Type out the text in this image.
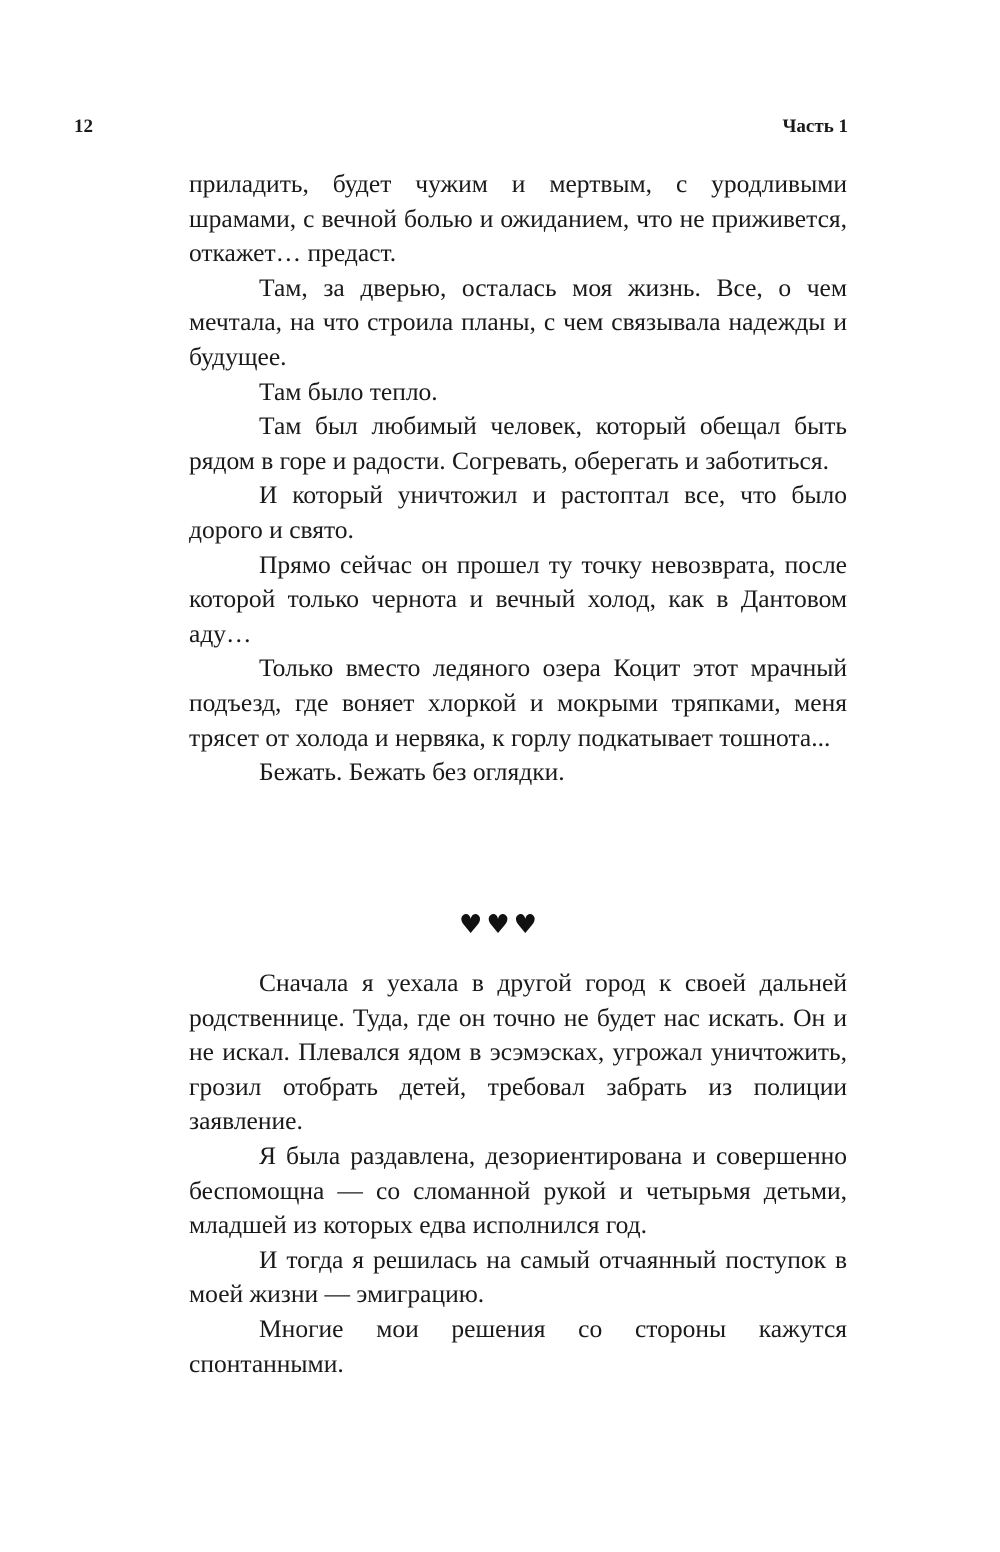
12	Часть 1

приладить, будет чужим и мертвым, с уродливыми шрамами, с вечной болью и ожиданием, что не приживется, откажет… предаст.

Там, за дверью, осталась моя жизнь. Все, о чем мечтала, на что строила планы, с чем связывала надежды и будущее.

Там было тепло.

Там был любимый человек, который обещал быть рядом в горе и радости. Согревать, оберегать и заботиться.

И который уничтожил и растоптал все, что было дорого и свято.

Прямо сейчас он прошел ту точку невозврата, после которой только чернота и вечный холод, как в Дантовом аду…

Только вместо ледяного озера Коцит этот мрачный подъезд, где воняет хлоркой и мокрыми тряпками, меня трясет от холода и нервяка, к горлу подкатывает тошнота...

Бежать. Бежать без оглядки.

♥♥♥

Сначала я уехала в другой город к своей дальней родственнице. Туда, где он точно не будет нас искать. Он и не искал. Плевался ядом в эсэмэсках, угрожал уничтожить, грозил отобрать детей, требовал забрать из полиции заявление.

Я была раздавлена, дезориентирована и совершенно беспомощна — со сломанной рукой и четырьмя детьми, младшей из которых едва исполнился год.

И тогда я решилась на самый отчаянный поступок в моей жизни — эмиграцию.

Многие мои решения со стороны кажутся спонтанными.
